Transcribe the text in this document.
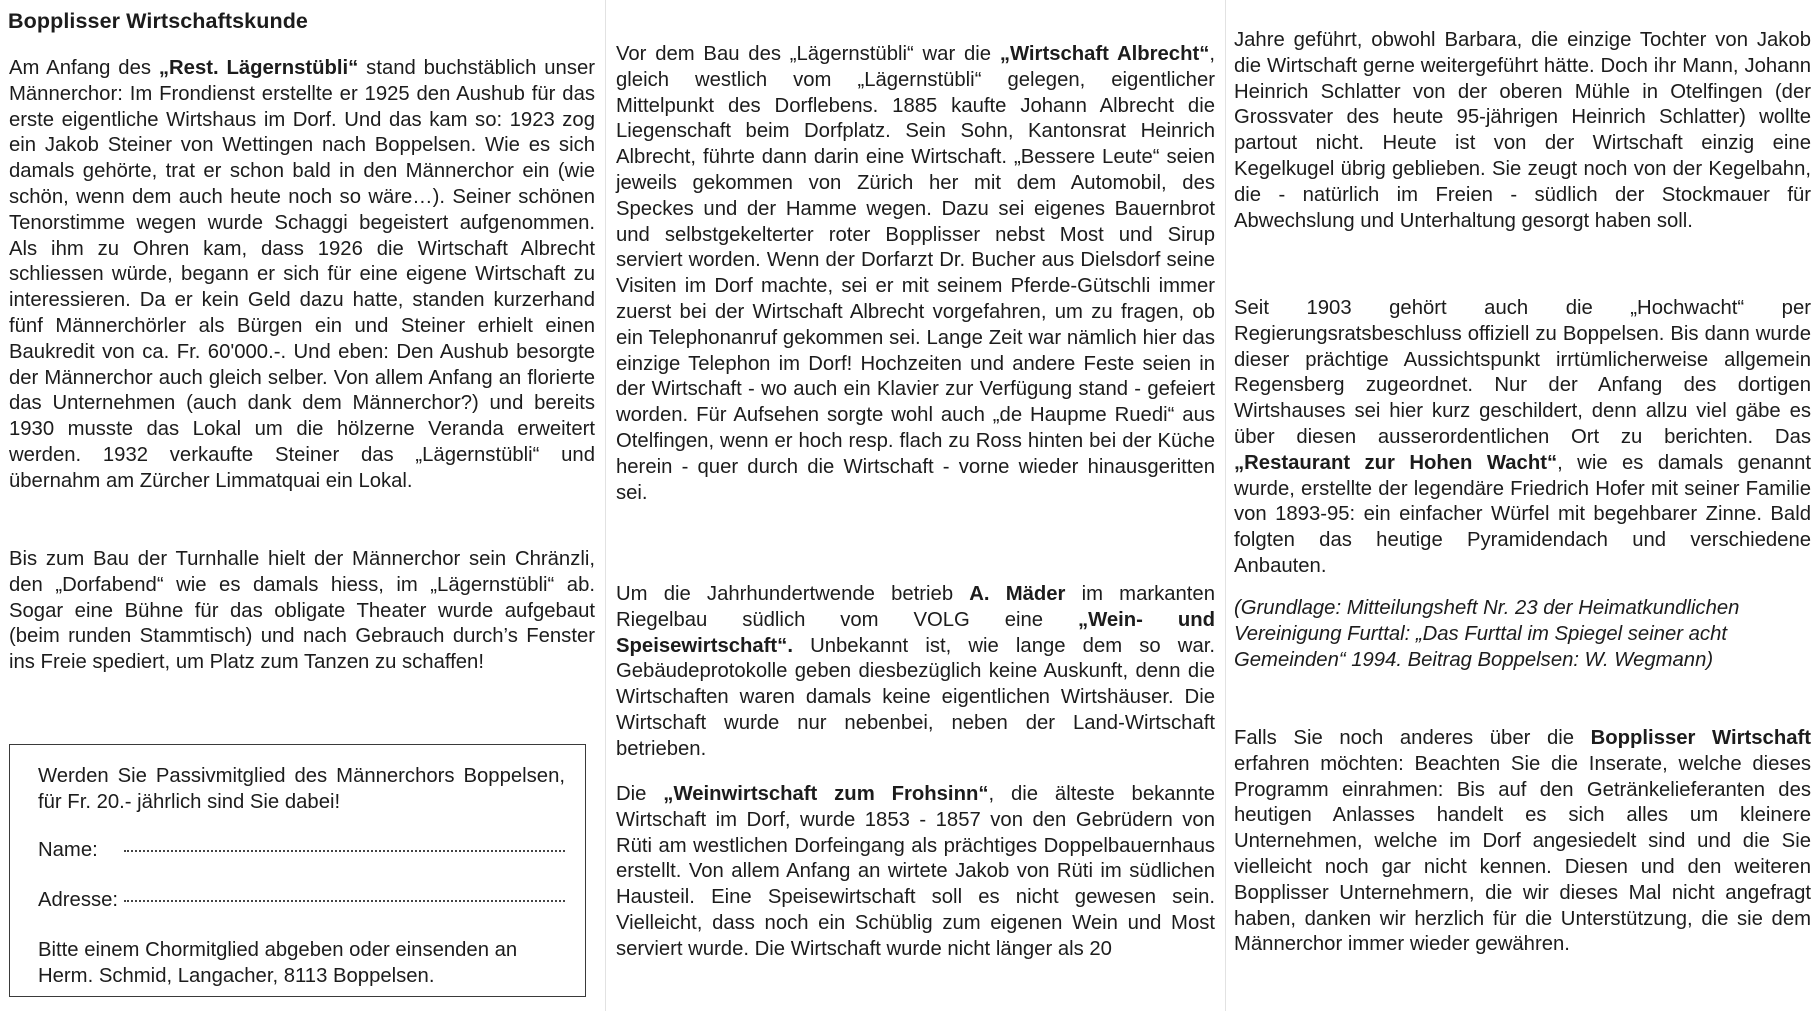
Bopplisser Wirtschaftskunde

Am Anfang des „Rest. Lägernstübli“ stand buchstäblich unser Männerchor: Im Frondienst erstellte er 1925 den Aushub für das erste eigentliche Wirtshaus im Dorf. Und das kam so: 1923 zog ein Jakob Steiner von Wettingen nach Boppelsen. Wie es sich damals gehörte, trat er schon bald in den Männerchor ein (wie schön, wenn dem auch heute noch so wäre…). Seiner schönen Tenorstimme wegen wurde Schaggi begeistert aufgenommen. Als ihm zu Ohren kam, dass 1926 die Wirtschaft Albrecht schliessen würde, begann er sich für eine eigene Wirtschaft zu interessieren. Da er kein Geld dazu hatte, standen kurzerhand fünf Männerchörler als Bürgen ein und Steiner erhielt einen Baukredit von ca. Fr. 60'000.-. Und eben: Den Aushub besorgte der Männerchor auch gleich selber. Von allem Anfang an florierte das Unternehmen (auch dank dem Männerchor?) und bereits 1930 musste das Lokal um die hölzerne Veranda erweitert werden. 1932 verkaufte Steiner das „Lägernstübli“ und übernahm am Zürcher Limmatquai ein Lokal.

Bis zum Bau der Turnhalle hielt der Männerchor sein Chränzli, den „Dorfabend“ wie es damals hiess, im „Lägernstübli“ ab. Sogar eine Bühne für das obligate Theater wurde aufgebaut (beim runden Stammtisch) und nach Gebrauch durch’s Fenster ins Freie spediert, um Platz zum Tanzen zu schaffen!

Werden Sie Passivmitglied des Männerchors Boppelsen, für Fr. 20.- jährlich sind Sie dabei!

Name:
Adresse:

Bitte einem Chormitglied abgeben oder einsenden an Herm. Schmid, Langacher, 8113 Boppelsen.

Vor dem Bau des „Lägernstübli“ war die „Wirtschaft Albrecht“, gleich westlich vom „Lägernstübli“ gelegen, eigentlicher Mittelpunkt des Dorflebens. 1885 kaufte Johann Albrecht die Liegenschaft beim Dorfplatz. Sein Sohn, Kantonsrat Heinrich Albrecht, führte dann darin eine Wirtschaft. „Bessere Leute“ seien jeweils gekommen von Zürich her mit dem Automobil, des Speckes und der Hamme wegen. Dazu sei eigenes Bauernbrot und selbstgekelterter roter Bopplisser nebst Most und Sirup serviert worden. Wenn der Dorfarzt Dr. Bucher aus Dielsdorf seine Visiten im Dorf machte, sei er mit seinem Pferde-Gütschli immer zuerst bei der Wirtschaft Albrecht vorgefahren, um zu fragen, ob ein Telephonanruf gekommen sei. Lange Zeit war nämlich hier das einzige Telephon im Dorf! Hochzeiten und andere Feste seien in der Wirtschaft - wo auch ein Klavier zur Verfügung stand - gefeiert worden. Für Aufsehen sorgte wohl auch „de Haupme Ruedi“ aus Otelfingen, wenn er hoch resp. flach zu Ross hinten bei der Küche herein - quer durch die Wirtschaft - vorne wieder hinausgeritten sei.

Um die Jahrhundertwende betrieb A. Mäder im markanten Riegelbau südlich vom VOLG eine „Wein- und Speisewirtschaft“. Unbekannt ist, wie lange dem so war. Gebäudeprotokolle geben diesbezüglich keine Auskunft, denn die Wirtschaften waren damals keine eigentlichen Wirtshäuser. Die Wirtschaft wurde nur nebenbei, neben der Land-Wirtschaft betrieben.

Die „Weinwirtschaft zum Frohsinn“, die älteste bekannte Wirtschaft im Dorf, wurde 1853 - 1857 von den Gebrüdern von Rüti am westlichen Dorfeingang als prächtiges Doppelbauernhaus erstellt. Von allem Anfang an wirtete Jakob von Rüti im südlichen Hausteil. Eine Speisewirtschaft soll es nicht gewesen sein. Vielleicht, dass noch ein Schüblig zum eigenen Wein und Most serviert wurde. Die Wirtschaft wurde nicht länger als 20

Jahre geführt, obwohl Barbara, die einzige Tochter von Jakob die Wirtschaft gerne weitergeführt hätte. Doch ihr Mann, Johann Heinrich Schlatter von der oberen Mühle in Otelfingen (der Grossvater des heute 95-jährigen Heinrich Schlatter) wollte partout nicht. Heute ist von der Wirtschaft einzig eine Kegelkugel übrig geblieben. Sie zeugt noch von der Kegelbahn, die - natürlich im Freien - südlich der Stockmauer für Abwechslung und Unterhaltung gesorgt haben soll.

Seit 1903 gehört auch die „Hochwacht“ per Regierungsratsbeschluss offiziell zu Boppelsen. Bis dann wurde dieser prächtige Aussichtspunkt irrtümlicherweise allgemein Regensberg zugeordnet. Nur der Anfang des dortigen Wirtshauses sei hier kurz geschildert, denn allzu viel gäbe es über diesen ausserordentlichen Ort zu berichten. Das „Restaurant zur Hohen Wacht“, wie es damals genannt wurde, erstellte der legendäre Friedrich Hofer mit seiner Familie von 1893-95: ein einfacher Würfel mit begehbarer Zinne. Bald folgten das heutige Pyramidendach und verschiedene Anbauten.

(Grundlage: Mitteilungsheft Nr. 23 der Heimatkundlichen Vereinigung Furttal: „Das Furttal im Spiegel seiner acht Gemeinden“ 1994. Beitrag Boppelsen: W. Wegmann)

Falls Sie noch anderes über die Bopplisser Wirtschaft erfahren möchten: Beachten Sie die Inserate, welche dieses Programm einrahmen: Bis auf den Getränkelieferanten des heutigen Anlasses handelt es sich alles um kleinere Unternehmen, welche im Dorf angesiedelt sind und die Sie vielleicht noch gar nicht kennen. Diesen und den weiteren Bopplisser Unternehmern, die wir dieses Mal nicht angefragt haben, danken wir herzlich für die Unterstützung, die sie dem Männerchor immer wieder gewähren.
